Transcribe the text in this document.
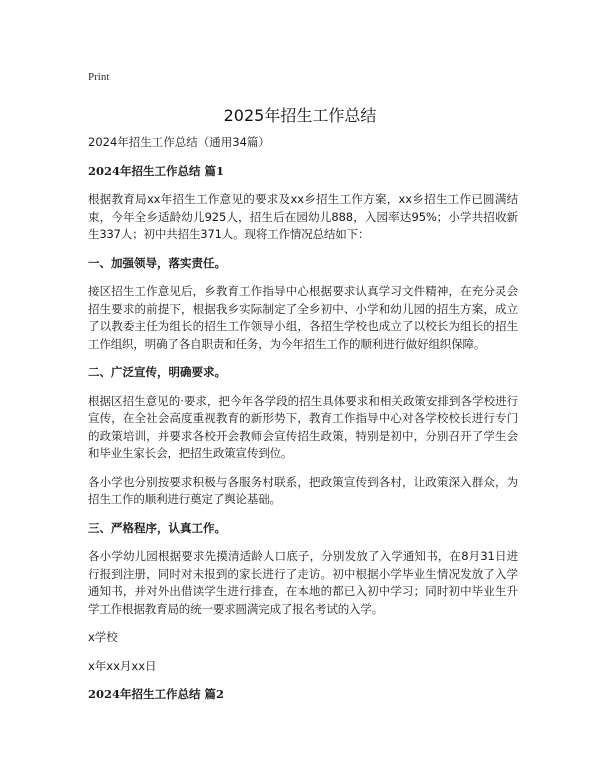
Print
2025年招生工作总结
2024年招生工作总结（通用34篇）
2024年招生工作总结 篇1
根据教育局xx年招生工作意见的要求及xx乡招生工作方案，xx乡招生工作已圆满结束，今年全乡适龄幼儿925人，招生后在园幼儿888，入园率达95%；小学共招收新生337人；初中共招生371人。现将工作情况总结如下：
一、加强领导，落实责任。
接区招生工作意见后，乡教育工作指导中心根据要求认真学习文件精神，在充分灵会招生要求的前提下，根据我乡实际制定了全乡初中、小学和幼儿园的招生方案，成立了以教委主任为组长的招生工作领导小组，各招生学校也成立了以校长为组长的招生工作组织，明确了各自职责和任务，为今年招生工作的顺利进行做好组织保障。
二、广泛宣传，明确要求。
根据区招生意见的·要求，把今年各学段的招生具体要求和相关政策安排到各学校进行宣传，在全社会高度重视教育的新形势下，教育工作指导中心对各学校校长进行专门的政策培训，并要求各校开会教师会宣传招生政策，特别是初中，分别召开了学生会和毕业生家长会，把招生政策宣传到位。
各小学也分别按要求积极与各服务村联系，把政策宣传到各村，让政策深入群众，为招生工作的顺利进行奠定了舆论基础。
三、严格程序，认真工作。
各小学幼儿园根据要求先摸清适龄人口底子，分别发放了入学通知书，在8月31日进行报到注册，同时对未报到的家长进行了走访。初中根据小学毕业生情况发放了入学通知书，并对外出借读学生进行排查，在本地的都已入初中学习；同时初中毕业生升学工作根据教育局的统一要求圆满完成了报名考试的入学。
x学校
x年xx月xx日
2024年招生工作总结 篇2
